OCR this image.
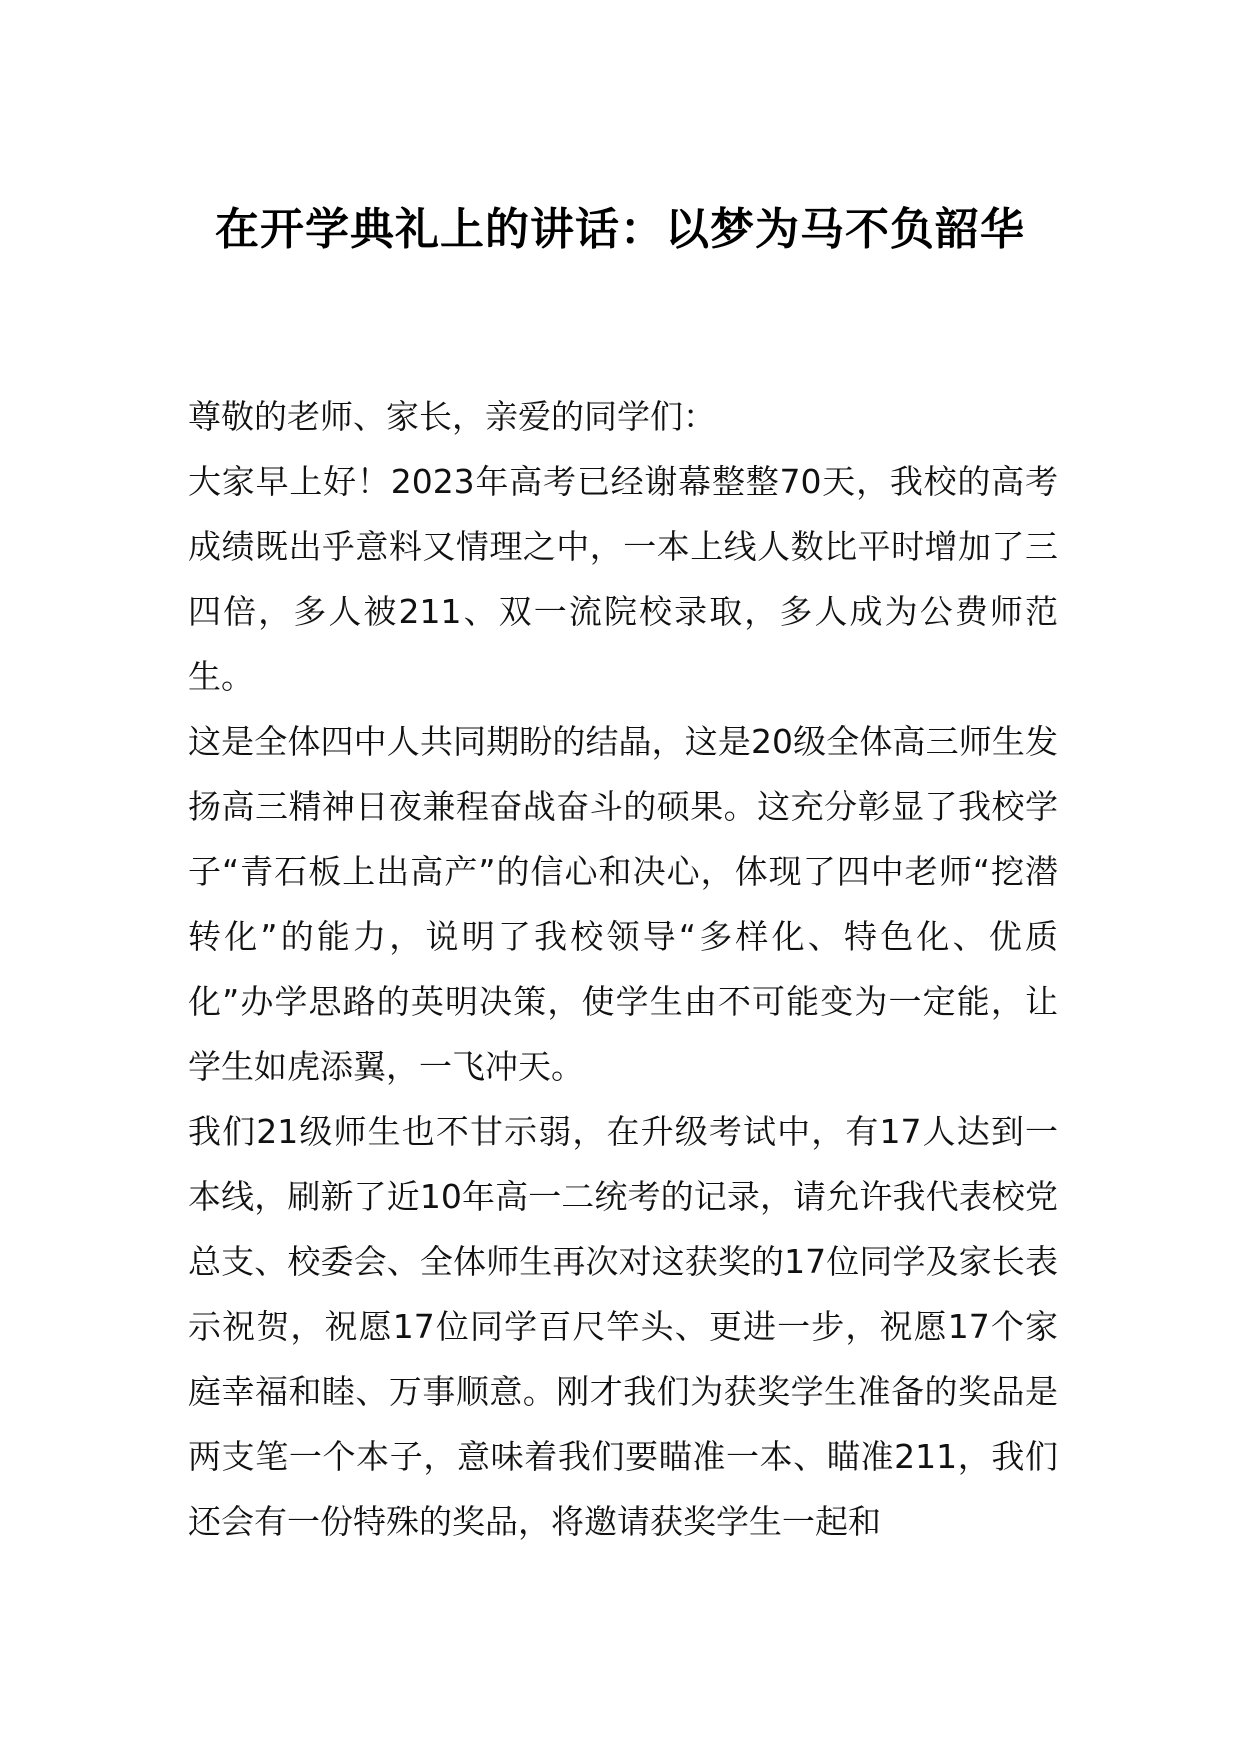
在开学典礼上的讲话：以梦为马不负韶华

尊敬的老师、家长，亲爱的同学们：

大家早上好！2023年高考已经谢幕整整70天，我校的高考成绩既出乎意料又情理之中，一本上线人数比平时增加了三四倍，多人被211、双一流院校录取，多人成为公费师范生。

这是全体四中人共同期盼的结晶，这是20级全体高三师生发扬高三精神日夜兼程奋战奋斗的硕果。这充分彰显了我校学子“青石板上出高产”的信心和决心，体现了四中老师“挖潜转化”的能力，说明了我校领导“多样化、特色化、优质化”办学思路的英明决策，使学生由不可能变为一定能，让学生如虎添翼，一飞冲天。

我们21级师生也不甘示弱，在升级考试中，有17人达到一本线，刷新了近10年高一二统考的记录，请允许我代表校党总支、校委会、全体师生再次对这获奖的17位同学及家长表示祝贺，祝愿17位同学百尺竿头、更进一步，祝愿17个家庭幸福和睦、万事顺意。刚才我们为获奖学生准备的奖品是两支笔一个本子，意味着我们要瞄准一本、瞄准211，我们还会有一份特殊的奖品，将邀请获奖学生一起和
